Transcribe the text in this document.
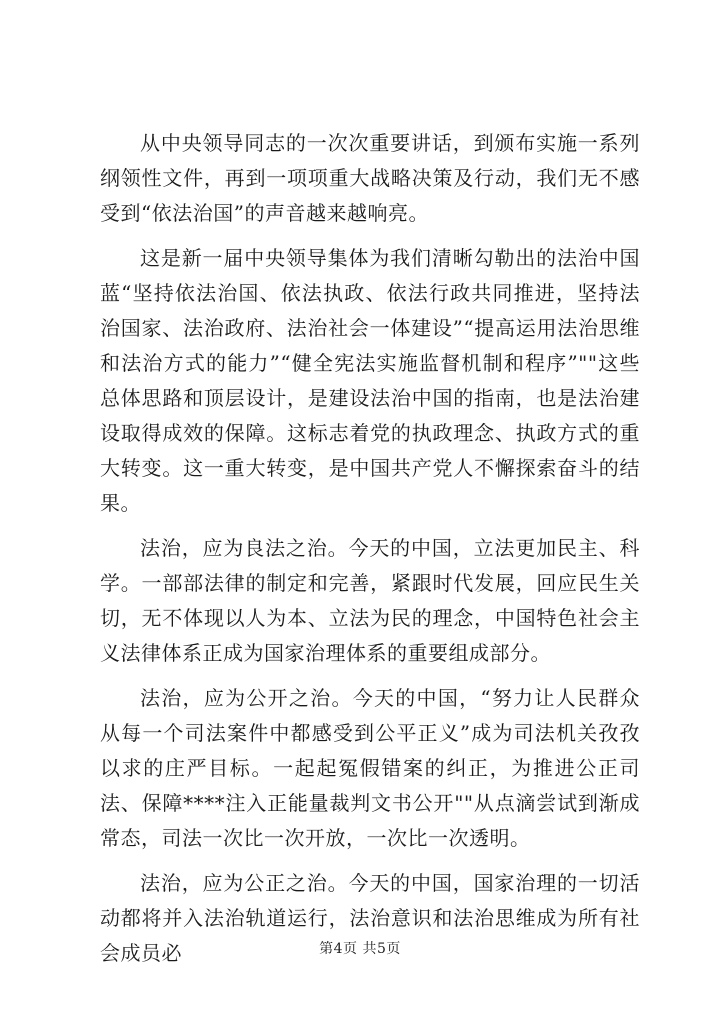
从中央领导同志的一次次重要讲话，到颁布实施一系列纲领性文件，再到一项项重大战略决策及行动，我们无不感受到“依法治国”的声音越来越响亮。

这是新一届中央领导集体为我们清晰勾勒出的法治中国蓝“坚持依法治国、依法执政、依法行政共同推进，坚持法治国家、法治政府、法治社会一体建设”“提高运用法治思维和法治方式的能力”“健全宪法实施监督机制和程序”""这些总体思路和顶层设计，是建设法治中国的指南，也是法治建设取得成效的保障。这标志着党的执政理念、执政方式的重大转变。这一重大转变，是中国共产党人不懈探索奋斗的结果。

法治，应为良法之治。今天的中国，立法更加民主、科学。一部部法律的制定和完善，紧跟时代发展，回应民生关切，无不体现以人为本、立法为民的理念，中国特色社会主义法律体系正成为国家治理体系的重要组成部分。

法治，应为公开之治。今天的中国，“努力让人民群众从每一个司法案件中都感受到公平正义”成为司法机关孜孜以求的庄严目标。一起起冤假错案的纠正，为推进公正司法、保障****注入正能量裁判文书公开""从点滴尝试到渐成常态，司法一次比一次开放，一次比一次透明。

法治，应为公正之治。今天的中国，国家治理的一切活动都将并入法治轨道运行，法治意识和法治思维成为所有社会成员必	第4页 共5页
